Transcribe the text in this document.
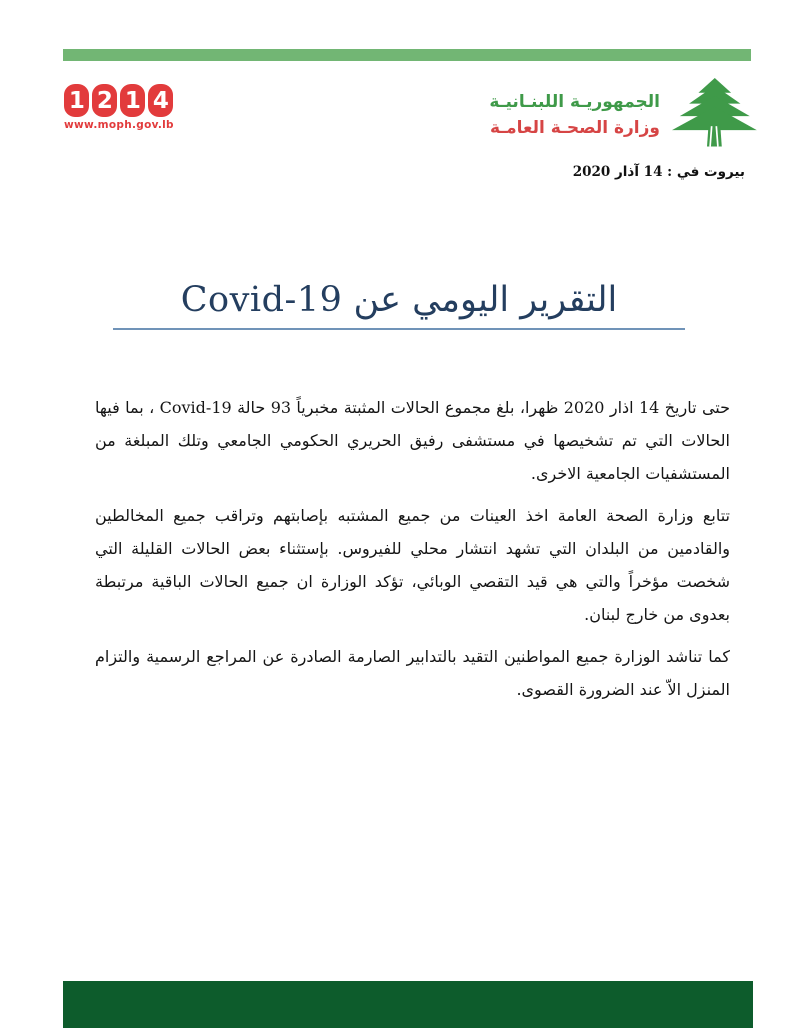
1 2 1 4
www.moph.gov.lb
الجمهوريـة اللبنـانيـة
وزارة الصحـة العامـة
بيروت في : 14 آذار 2020
التقرير اليومي عن Covid-19

حتى تاريخ 14 اذار 2020 ظهرا، بلغ مجموع الحالات المثبتة مخبرياً 93 حالة Covid-19 ، بما فيها الحالات التي تم تشخيصها في مستشفى رفيق الحريري الحكومي الجامعي وتلك المبلغة من المستشفيات الجامعية الاخرى.

تتابع وزارة الصحة العامة اخذ العينات من جميع المشتبه بإصابتهم وتراقب جميع المخالطين والقادمين من البلدان التي تشهد انتشار محلي للفيروس. بإستثناء بعض الحالات القليلة التي شخصت مؤخراً والتي هي قيد التقصي الوبائي، تؤكد الوزارة ان جميع الحالات الباقية مرتبطة بعدوى من خارج لبنان.

كما تناشد الوزارة جميع المواطنين التقيد بالتدابير الصارمة الصادرة عن المراجع الرسمية والتزام المنزل الاّ عند الضرورة القصوى.
